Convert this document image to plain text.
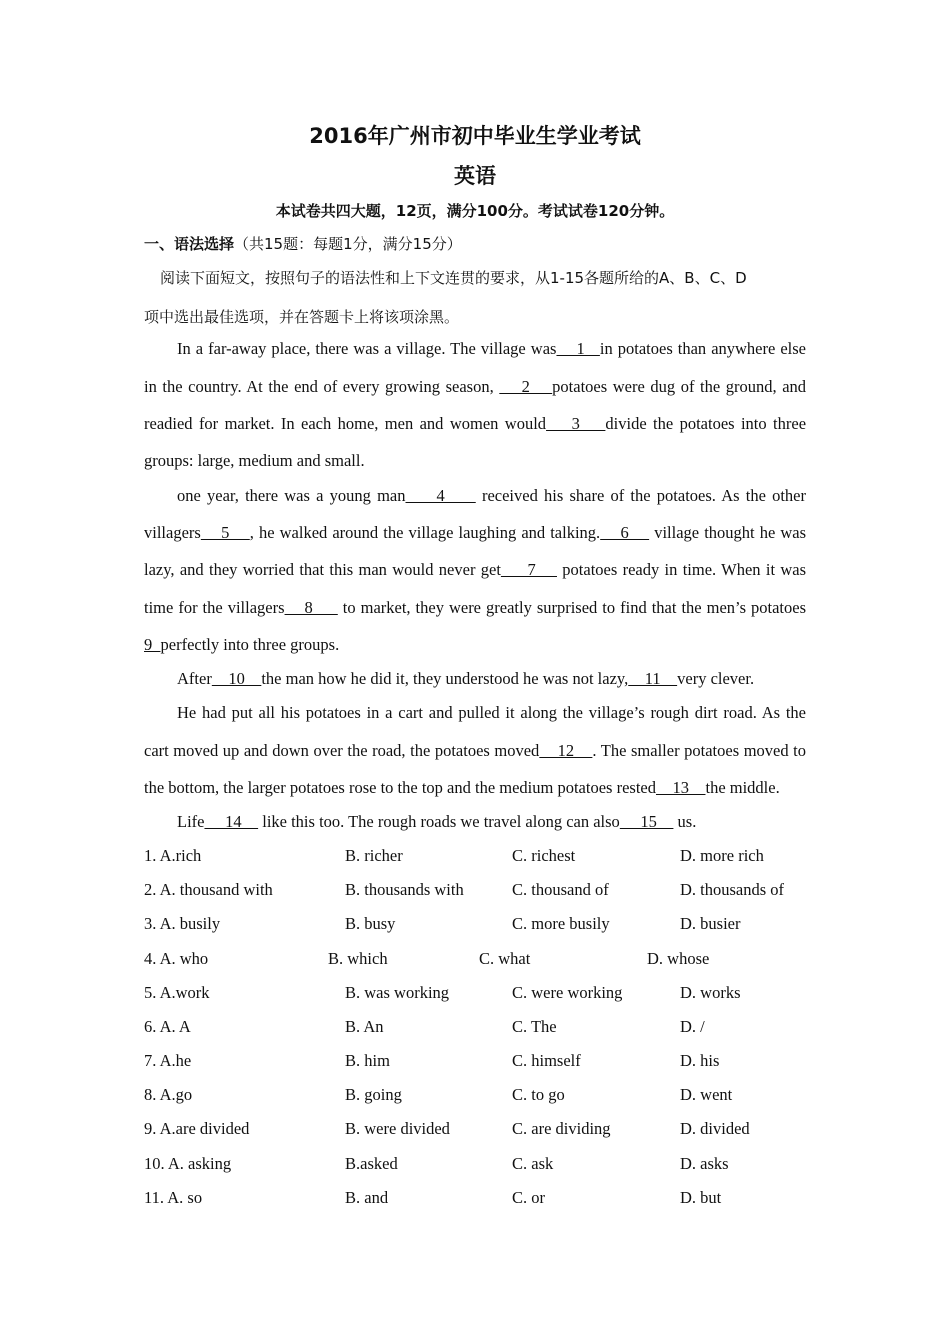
2016年广州市初中毕业生学业考试
英语
本试卷共四大题，12页，满分100分。考试试卷120分钟。
一、语法选择（共15题：每题1分，满分15分）
阅读下面短文，按照句子的语法性和上下文连贯的要求，从1-15各题所给的A、B、C、D
项中选出最佳选项，并在答题卡上将该项涂黑。
In a far-away place, there was a village. The village was    1   in potatoes than anywhere else
in the country. At the end of every growing season,     2    potatoes were dug of the ground, and
readied for market. In each home, men and women would    3    divide the potatoes into three
groups: large, medium and small.
one year, there was a young man     4      received his share of the potatoes. As the other
villagers    5    , he walked around the village laughing and talking.    6     village thought he was
lazy, and they worried that this man would never get     7     potatoes ready in time. When it was
time for the villagers    8      to market, they were greatly surprised to find that the men’s potatoes
9  perfectly into three groups.
After    10    the man how he did it, they understood he was not lazy,    11    very clever.
He had put all his potatoes in a cart and pulled it along the village’s rough dirt road. As the
cart moved up and down over the road, the potatoes moved    12    . The smaller potatoes moved to
the bottom, the larger potatoes rose to the top and the medium potatoes rested    13    the middle.
Life     14     like this too. The rough roads we travel along can also     15     us.
1. A.rich	B. richer	C. richest	D. more rich
2. A. thousand with	B. thousands with	C. thousand of	D. thousands of
3. A. busily	B. busy	C. more busily	D. busier
4. A. who	B. which	C. what	D. whose
5. A.work	B. was working	C. were working	D. works
6. A. A	B. An	C. The	D. /
7. A.he	B. him	C. himself	D. his
8. A.go	B. going	C. to go	D. went
9. A.are divided	B. were divided	C. are dividing	D. divided
10. A. asking	B.asked	C. ask	D. asks
11. A. so	B. and	C. or	D. but
